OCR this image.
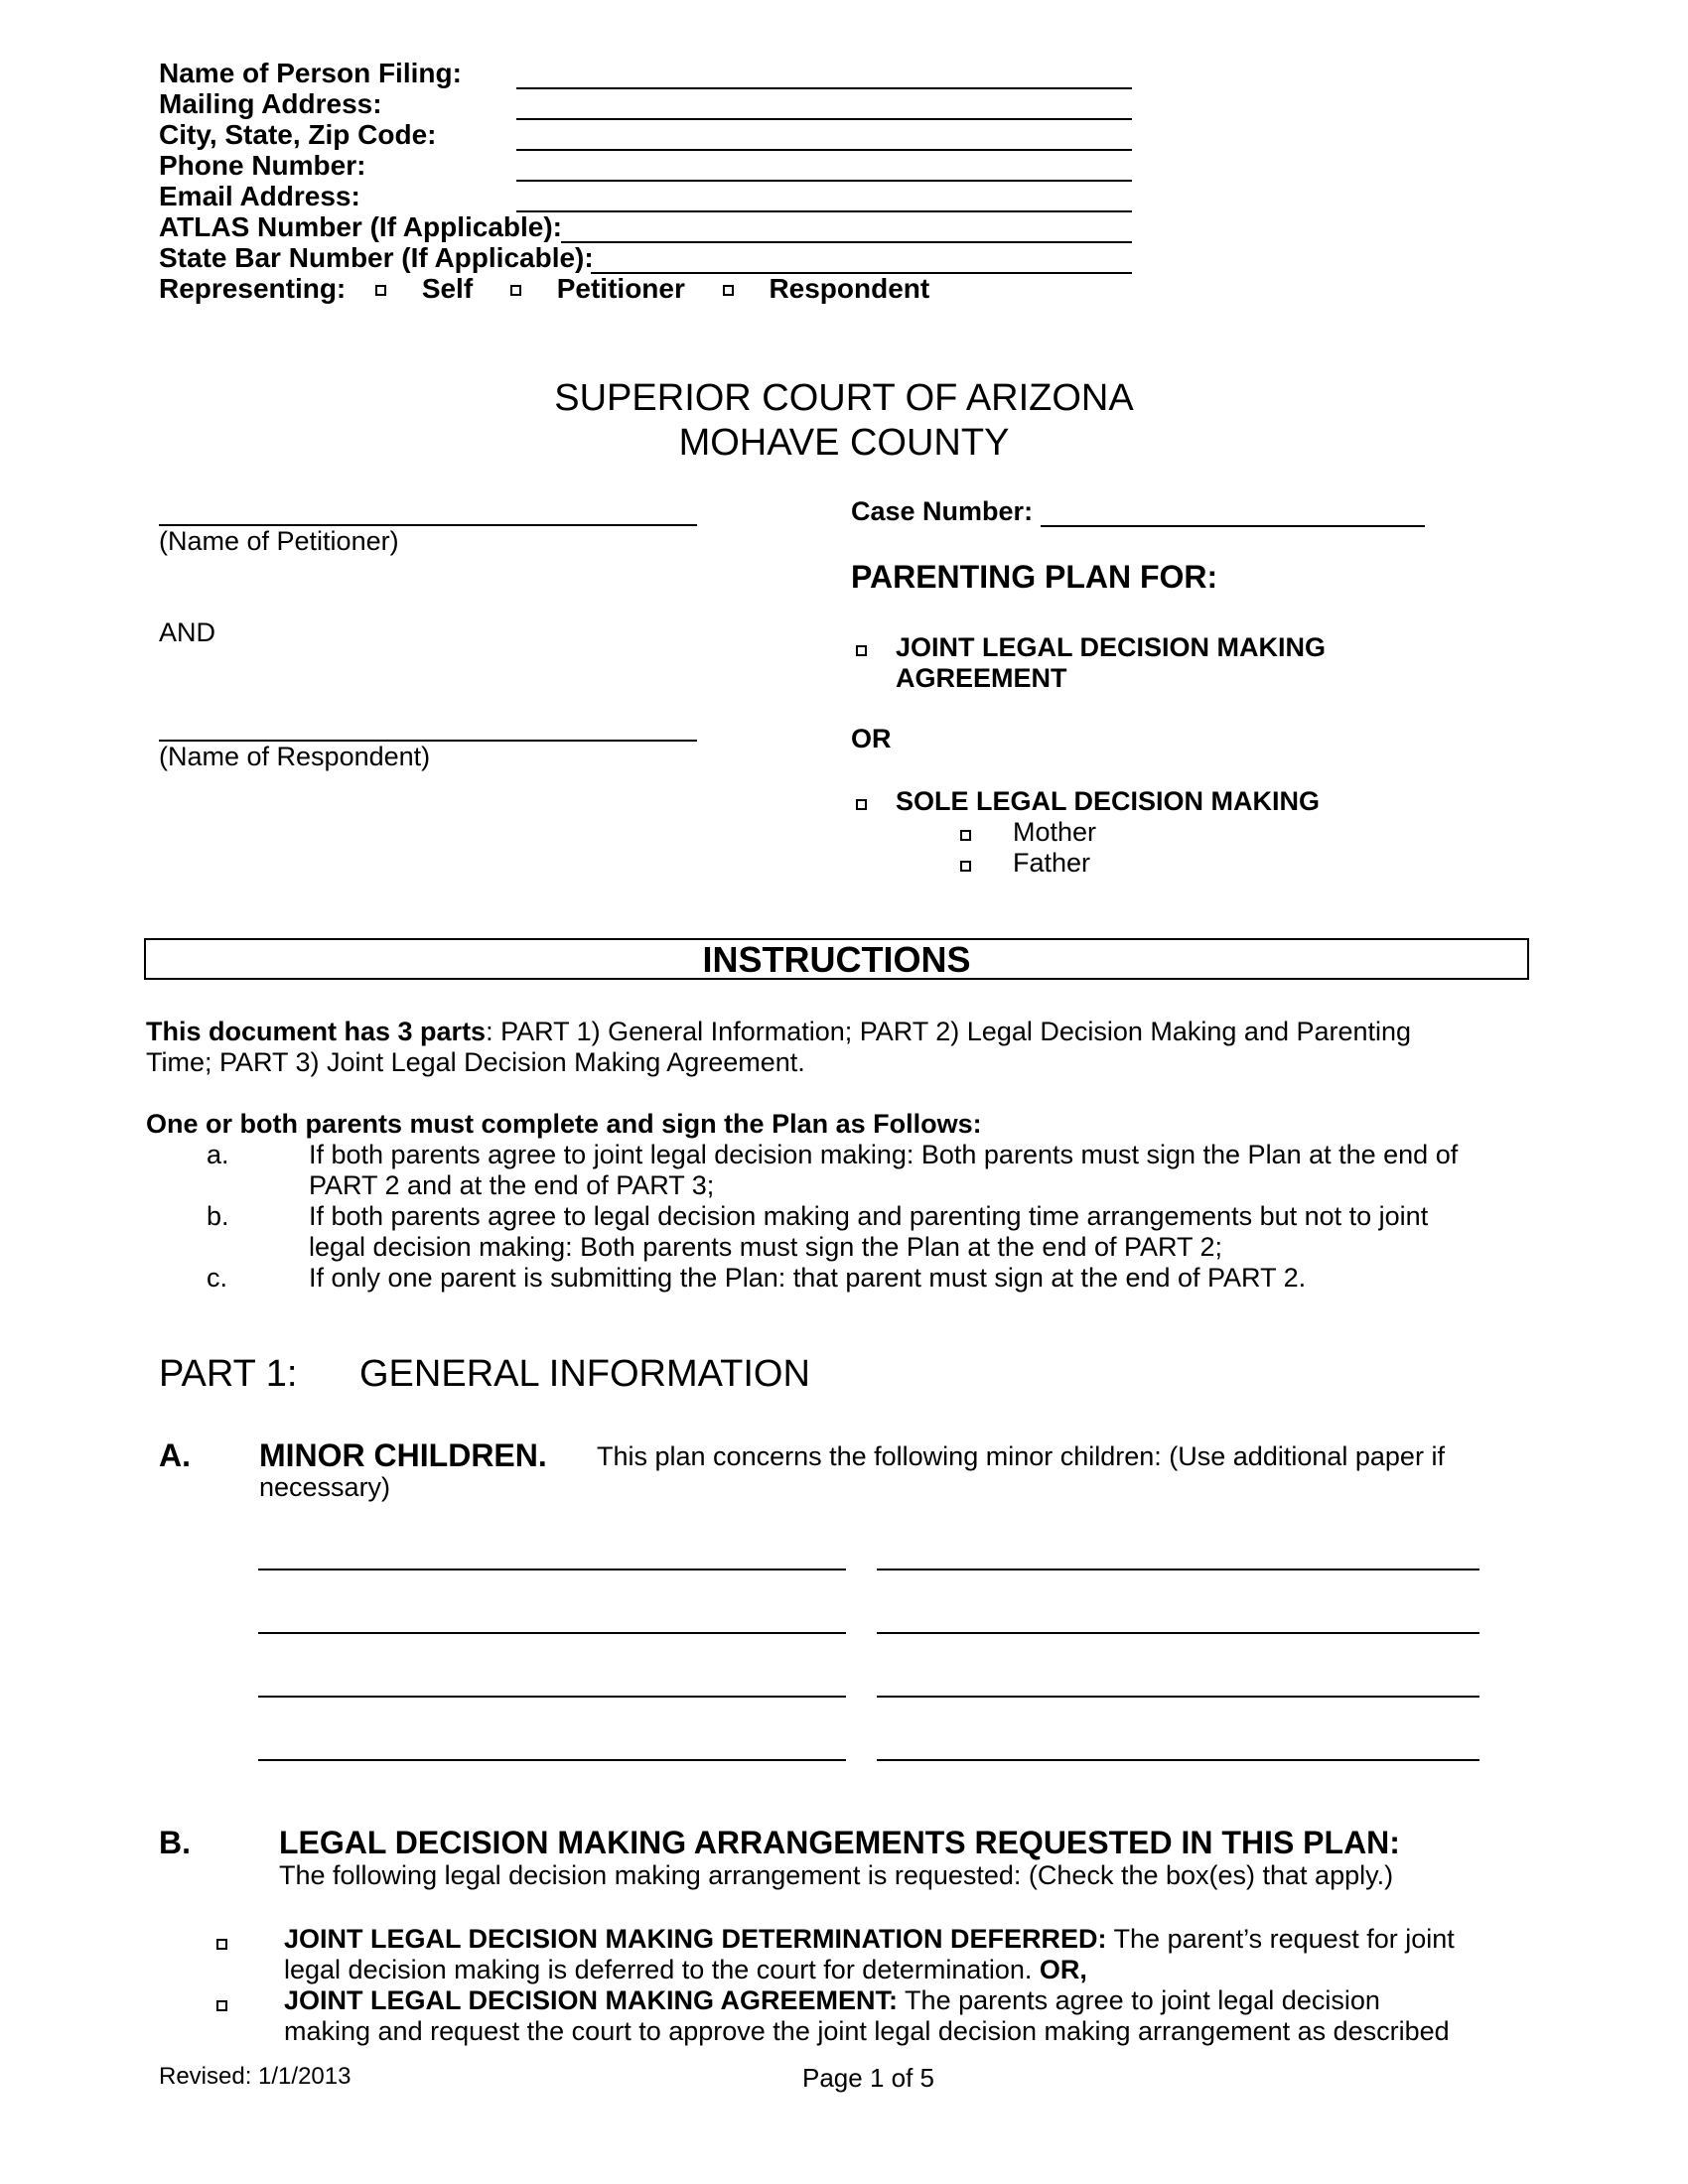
Name of Person Filing:
Mailing Address:
City, State, Zip Code:
Phone Number:
Email Address:
ATLAS Number (If Applicable):
State Bar Number (If Applicable):
Representing:	Self	Petitioner	Respondent
SUPERIOR COURT OF ARIZONA
MOHAVE COUNTY
(Name of Petitioner)
AND
(Name of Respondent)
Case Number:
PARENTING PLAN FOR:
JOINT LEGAL DECISION MAKING
AGREEMENT
OR
SOLE LEGAL DECISION MAKING
Mother
Father
INSTRUCTIONS
This document has 3 parts: PART 1) General Information; PART 2) Legal Decision Making and Parenting
Time; PART 3) Joint Legal Decision Making Agreement.
One or both parents must complete and sign the Plan as Follows:
a.	If both parents agree to joint legal decision making: Both parents must sign the Plan at the end of
PART 2 and at the end of PART 3;
b.	If both parents agree to legal decision making and parenting time arrangements but not to joint
legal decision making: Both parents must sign the Plan at the end of PART 2;
c.	If only one parent is submitting the Plan: that parent must sign at the end of PART 2.
PART 1: GENERAL INFORMATION
A. MINOR CHILDREN. This plan concerns the following minor children: (Use additional paper if
necessary)
B.	LEGAL DECISION MAKING ARRANGEMENTS REQUESTED IN THIS PLAN:
The following legal decision making arrangement is requested: (Check the box(es) that apply.)
JOINT LEGAL DECISION MAKING DETERMINATION DEFERRED: The parent’s request for joint
legal decision making is deferred to the court for determination. OR,
JOINT LEGAL DECISION MAKING AGREEMENT: The parents agree to joint legal decision
making and request the court to approve the joint legal decision making arrangement as described
Revised: 1/1/2013	Page 1 of 5
